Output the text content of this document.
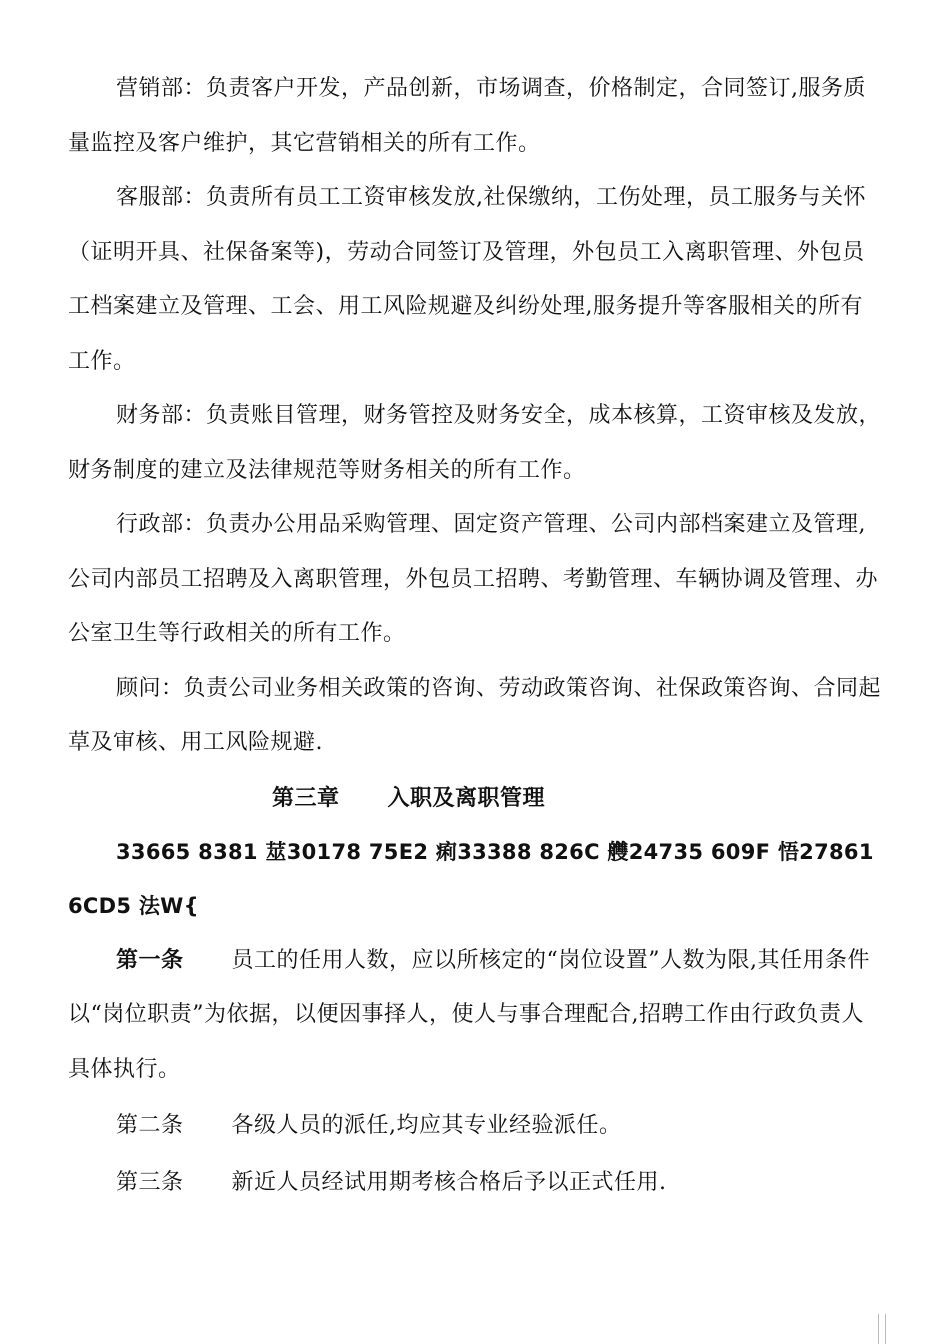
营销部：负责客户开发，产品创新，市场调查，价格制定，合同签订,服务质量监控及客户维护，其它营销相关的所有工作。

客服部：负责所有员工工资审核发放,社保缴纳，工伤处理，员工服务与关怀（证明开具、社保备案等)，劳动合同签订及管理，外包员工入离职管理、外包员工档案建立及管理、工会、用工风险规避及纠纷处理,服务提升等客服相关的所有工作。

财务部：负责账目管理，财务管控及财务安全，成本核算，工资审核及发放，财务制度的建立及法律规范等财务相关的所有工作。

行政部：负责办公用品采购管理、固定资产管理、公司内部档案建立及管理,公司内部员工招聘及入离职管理，外包员工招聘、考勤管理、车辆协调及管理、办公室卫生等行政相关的所有工作。

顾问：负责公司业务相关政策的咨询、劳动政策咨询、社保政策咨询、合同起草及审核、用工风险规避.

第三章 入职及离职管理

33665 8381 莁30178 75E2 痢33388 826C 艭24735 609F 悟27861 6CD5 法W{

第一条 员工的任用人数，应以所核定的“岗位设置”人数为限,其任用条件以“岗位职责”为依据，以便因事择人，使人与事合理配合,招聘工作由行政负责人具体执行。

第二条 各级人员的派任,均应其专业经验派任。

第三条 新近人员经试用期考核合格后予以正式任用.
